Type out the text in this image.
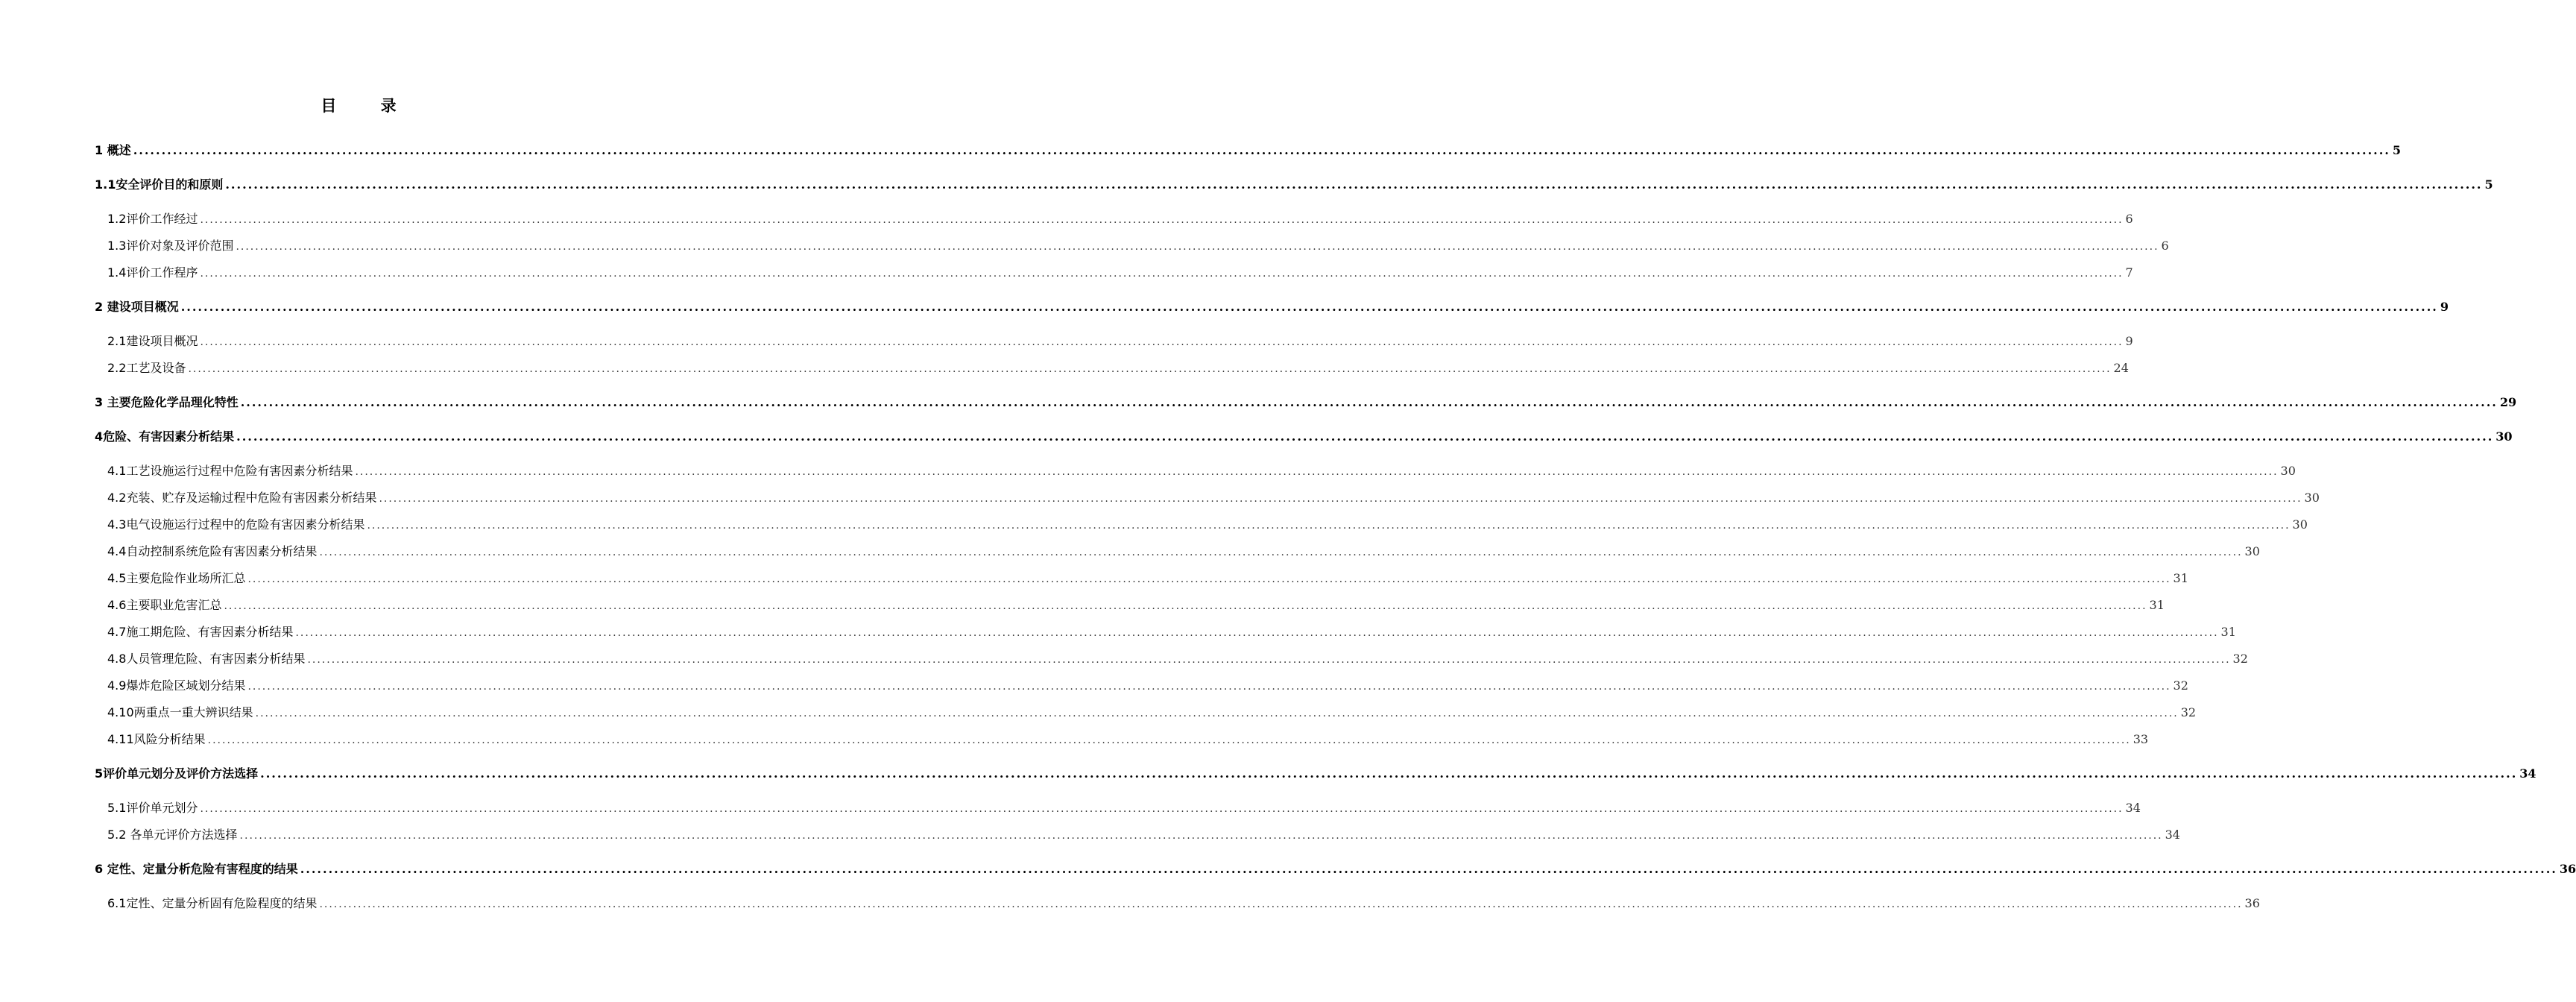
目 录
1 概述 ................................................................................................................................................................................................................................................................................................................................................................................................................ 5
1.1安全评价目的和原则 ................................................................................................................................................................................................................................................................................................................................................................................................................ 5
1.2评价工作经过 ................................................................................................................................................................................................................................................................................................................................................................................................................ 6
1.3评价对象及评价范围 ................................................................................................................................................................................................................................................................................................................................................................................................................ 6
1.4评价工作程序 ................................................................................................................................................................................................................................................................................................................................................................................................................ 7
2 建设项目概况 ................................................................................................................................................................................................................................................................................................................................................................................................................ 9
2.1建设项目概况 ................................................................................................................................................................................................................................................................................................................................................................................................................ 9
2.2工艺及设备 ................................................................................................................................................................................................................................................................................................................................................................................................................ 24
3 主要危险化学品理化特性 ................................................................................................................................................................................................................................................................................................................................................................................................................ 29
4危险、有害因素分析结果 ................................................................................................................................................................................................................................................................................................................................................................................................................ 30
4.1工艺设施运行过程中危险有害因素分析结果 ................................................................................................................................................................................................................................................................................................................................................................................................................ 30
4.2充装、贮存及运输过程中危险有害因素分析结果 ................................................................................................................................................................................................................................................................................................................................................................................................................ 30
4.3电气设施运行过程中的危险有害因素分析结果 ................................................................................................................................................................................................................................................................................................................................................................................................................ 30
4.4自动控制系统危险有害因素分析结果 ................................................................................................................................................................................................................................................................................................................................................................................................................ 30
4.5主要危险作业场所汇总 ................................................................................................................................................................................................................................................................................................................................................................................................................ 31
4.6主要职业危害汇总 ................................................................................................................................................................................................................................................................................................................................................................................................................ 31
4.7施工期危险、有害因素分析结果 ................................................................................................................................................................................................................................................................................................................................................................................................................ 31
4.8人员管理危险、有害因素分析结果 ................................................................................................................................................................................................................................................................................................................................................................................................................ 32
4.9爆炸危险区域划分结果 ................................................................................................................................................................................................................................................................................................................................................................................................................ 32
4.10两重点一重大辨识结果 ................................................................................................................................................................................................................................................................................................................................................................................................................ 32
4.11风险分析结果 ................................................................................................................................................................................................................................................................................................................................................................................................................ 33
5评价单元划分及评价方法选择 ................................................................................................................................................................................................................................................................................................................................................................................................................ 34
5.1评价单元划分 ................................................................................................................................................................................................................................................................................................................................................................................................................ 34
5.2 各单元评价方法选择 ................................................................................................................................................................................................................................................................................................................................................................................................................ 34
6 定性、定量分析危险有害程度的结果 ................................................................................................................................................................................................................................................................................................................................................................................................................ 36
6.1定性、定量分析固有危险程度的结果 ................................................................................................................................................................................................................................................................................................................................................................................................................ 36
